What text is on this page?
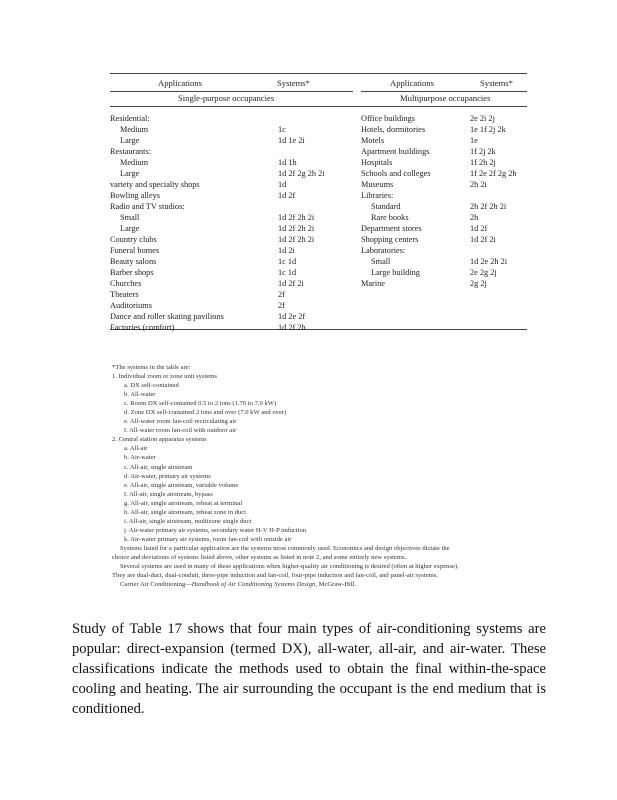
Applications	Systems*	Applications	Systems*
Single-purpose occupancies	Multipurpose occupancies
Residential:
Medium	1c
Large	1d 1e 2i
Restaurants:
Medium	1d 1h
Large	1d 2f 2g 2h 2i
variety and specialty shops	1d
Bowling alleys	1d 2f
Radio and TV studios:
Small	1d 2f 2h 2i
Large	1d 2f 2h 2i
Country clubs	1d 2f 2h 2i
Funeral homes	1d 2i
Beauty salons	1c 1d
Barber shops	1c 1d
Churches	1d 2f 2i
Theaters	2f
Auditoriums	2f
Dance and roller skating pavilions	1d 2e 2f
Factories (comfort)	1d 2f 2h
Office buildings	2e 2i 2j
Hotels, dormitories	1e 1f 2j 2k
Motels	1e
Apartment buildings	1f 2j 2k
Hospitals	1f 2h 2j
Schools and colleges	1f 2e 2f 2g 2h
Museums	2h 2i
Libraries:
Standard	2h 2f 2h 2i
Rare books	2h
Department stores	1d 2f
Shopping centers	1d 2f 2i
Laboratories:
Small	1d 2e 2h 2i
Large building	2e 2g 2j
Marine	2g 2j
*The systems in the table are:
1. Individual room or zone unit systems
a. DX self-contained
b. All-water
c. Room DX self-contained 0.5 to 2 tons (1.76 to 7.0 kW)
d. Zone DX self-contained 2 tons and over (7.0 kW and over)
e. All-water room fan-coil recirculating air
f. All-water room fan-coil with outdoor air
2. Central station apparatus systems
a. All-air
b. Air-water
c. All-air, single airstream
d. Air-water, primary air systems
e. All-air, single airstream, variable volume
f. All-air, single airstream, bypass
g. All-air, single airstream, reheat at terminal
h. All-air, single airstream, reheat zone in duct
i. All-air, single airstream, multizone single duct
j. Air-water primary air systems, secondary water H-V H-P induction
k. Air-water primary air systems, room fan-coil with outside air
Systems listed for a particular application are the systems most commonly used. Economics and design objectives dictate the
choice and deviations of systems listed above, other systems as listed in note 2, and some entirely new systems.
Several systems are used in many of these applications when higher-quality air conditioning is desired (often at higher expense).
They are dual-duct, dual-conduit, three-pipe induction and fan-coil, four-pipe induction and fan-coil, and panel-air systems.
Carrier Air Conditioning—Handbook of Air Conditioning Systems Design, McGraw-Hill.
Study of Table 17 shows that four main types of air-conditioning systems are popular: direct-expansion (termed DX), all-water, all-air, and air-water. These classifications indicate the methods used to obtain the final within-the-space cooling and heating. The air surrounding the occupant is the end medium that is conditioned.
